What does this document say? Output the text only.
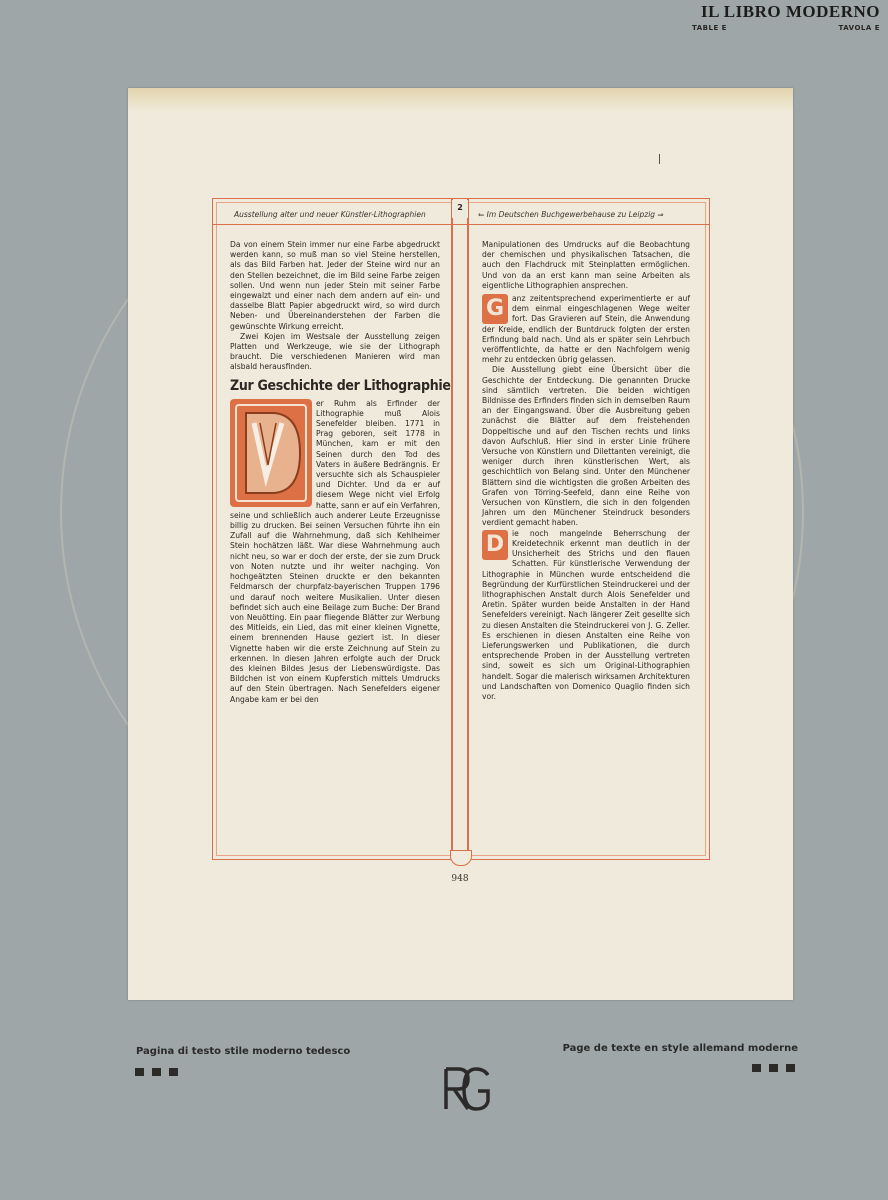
IL LIBRO MODERNO
TABLE E	TAVOLA E
2
Ausstellung alter und neuer Künstler-Lithographien	⇐ Im Deutschen Buchgewerbehause zu Leipzig ⇒

Da von einem Stein immer nur eine Farbe abgedruckt werden kann, so muß man so viel Steine herstellen, als das Bild Farben hat. Jeder der Steine wird nur an den Stellen bezeichnet, die im Bild seine Farbe zeigen sollen. Und wenn nun jeder Stein mit seiner Farbe eingewalzt und einer nach dem andern auf ein- und dasselbe Blatt Papier abgedruckt wird, so wird durch Neben- und Übereinanderstehen der Farben die gewünschte Wirkung erreicht.

Zwei Kojen im Westsale der Ausstellung zeigen Platten und Werkzeuge, wie sie der Lithograph braucht. Die verschiedenen Manieren wird man alsbald herausfinden.

Zur Geschichte der Lithographie
D

er Ruhm als Erfinder der Lithographie muß Alois Senefelder bleiben. 1771 in Prag geboren, seit 1778 in München, kam er mit den Seinen durch den Tod des Vaters in äußere Bedrängnis. Er versuchte sich als Schauspieler und Dichter. Und da er auf diesem Wege nicht viel Erfolg hatte, sann er auf ein Verfahren, seine und schließlich auch anderer Leute Erzeugnisse billig zu drucken. Bei seinen Versuchen führte ihn ein Zufall auf die Wahrnehmung, daß sich Kehlheimer Stein hochätzen läßt. War diese Wahrnehmung auch nicht neu, so war er doch der erste, der sie zum Druck von Noten nutzte und ihr weiter nachging. Von hochgeätzten Steinen druckte er den bekannten Feldmarsch der churpfalz-bayerischen Truppen 1796 und darauf noch weitere Musikalien. Unter diesen befindet sich auch eine Beilage zum Buche: Der Brand von Neuötting. Ein paar fliegende Blätter zur Werbung des Mitleids, ein Lied, das mit einer kleinen Vignette, einem brennenden Hause geziert ist. In dieser Vignette haben wir die erste Zeichnung auf Stein zu erkennen. In diesen Jahren erfolgte auch der Druck des kleinen Bildes Jesus der Liebenswürdigste. Das Bildchen ist von einem Kupferstich mittels Umdrucks auf den Stein übertragen. Nach Senefelders eigener Angabe kam er bei den

Manipulationen des Umdrucks auf die Beobachtung der chemischen und physikalischen Tatsachen, die auch den Flachdruck mit Steinplatten ermöglichen. Und von da an erst kann man seine Arbeiten als eigentliche Lithographien ansprechen.

G	anz zeitentsprechend experimentierte er auf dem einmal eingeschlagenen Wege weiter fort. Das Gravieren auf Stein, die Anwendung der Kreide, endlich der Buntdruck folgten der ersten Erfindung bald nach. Und als er später sein Lehrbuch veröffentlichte, da hatte er den Nachfolgern wenig mehr zu entdecken übrig gelassen.

Die Ausstellung giebt eine Übersicht über die Geschichte der Entdeckung. Die genannten Drucke sind sämtlich vertreten. Die beiden wichtigen Bildnisse des Erfinders finden sich in demselben Raum an der Eingangswand. Über die Ausbreitung geben zunächst die Blätter auf dem freistehenden Doppeltische und auf den Tischen rechts und links davon Aufschluß. Hier sind in erster Linie frühere Versuche von Künstlern und Dilettanten vereinigt, die weniger durch ihren künstlerischen Wert, als geschichtlich von Belang sind. Unter den Münchener Blättern sind die wichtigsten die großen Arbeiten des Grafen von Törring-Seefeld, dann eine Reihe von Versuchen von Künstlern, die sich in den folgenden Jahren um den Münchener Steindruck besonders verdient gemacht haben.

D	ie noch mangelnde Beherrschung der Kreidetechnik erkennt man deutlich in der Unsicherheit des Strichs und den flauen Schatten. Für künstlerische Verwendung der Lithographie in München wurde entscheidend die Begründung der Kurfürstlichen Steindruckerei und der lithographischen Anstalt durch Alois Senefelder und Aretin. Später wurden beide Anstalten in der Hand Senefelders vereinigt. Nach längerer Zeit gesellte sich zu diesen Anstalten die Steindruckerei von J. G. Zeller. Es erschienen in diesen Anstalten eine Reihe von Lieferungswerken und Publikationen, die durch entsprechende Proben in der Ausstellung vertreten sind, soweit es sich um Original-Lithographien handelt. Sogar die malerisch wirksamen Architekturen und Landschaften von Domenico Quaglio finden sich vor.

948
Pagina di testo stile moderno tedesco	Page de texte en style allemand moderne
RG
